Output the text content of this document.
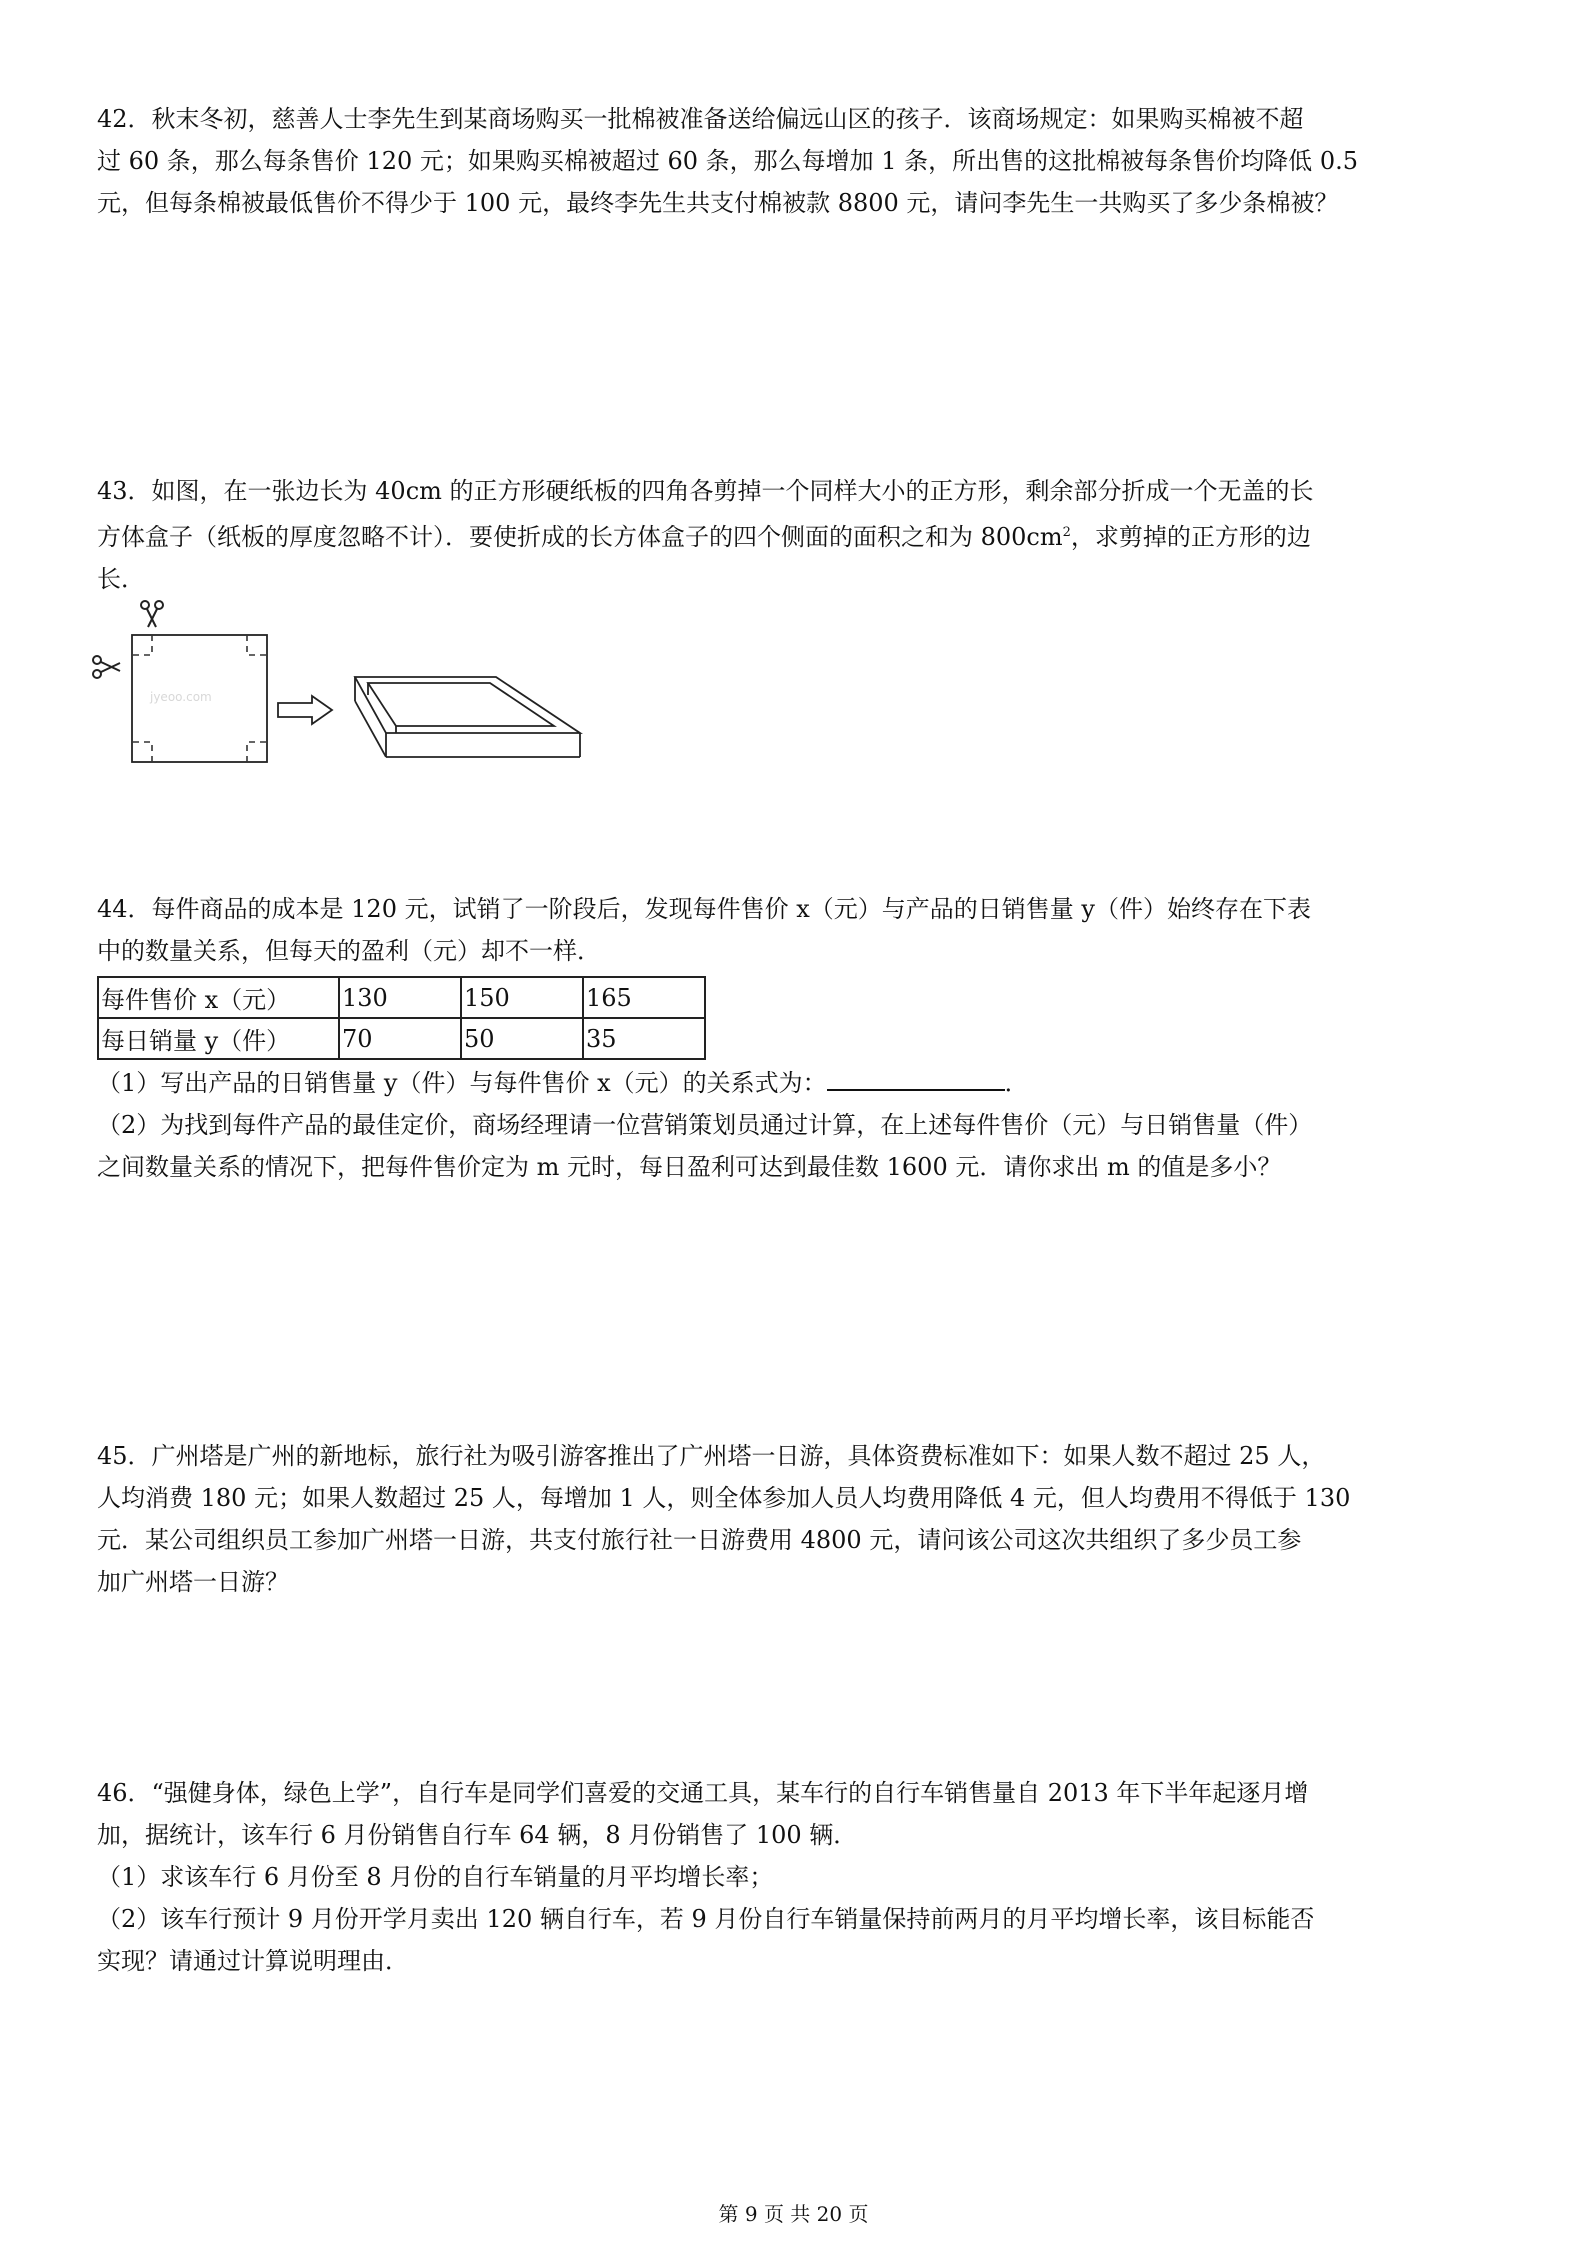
42．秋末冬初，慈善人士李先生到某商场购买一批棉被准备送给偏远山区的孩子．该商场规定：如果购买棉被不超

过 60 条，那么每条售价 120 元；如果购买棉被超过 60 条，那么每增加 1 条，所出售的这批棉被每条售价均降低 0.5

元，但每条棉被最低售价不得少于 100 元，最终李先生共支付棉被款 8800 元，请问李先生一共购买了多少条棉被？

43．如图，在一张边长为 40cm 的正方形硬纸板的四角各剪掉一个同样大小的正方形，剩余部分折成一个无盖的长

方体盒子（纸板的厚度忽略不计）．要使折成的长方体盒子的四个侧面的面积之和为 $800cm^2$，求剪掉的正方形的边

长．

jyeoo.com

44．每件商品的成本是 120 元，试销了一阶段后，发现每件售价 x（元）与产品的日销售量 y（件）始终存在下表

中的数量关系，但每天的盈利（元）却不一样．

每件售价 x（元）	130	150	165
每日销量 y（件）	70	50	35

（1）写出产品的日销售量 y（件）与每件售价 x（元）的关系式为：	．

（2）为找到每件产品的最佳定价，商场经理请一位营销策划员通过计算，在上述每件售价（元）与日销售量（件）

之间数量关系的情况下，把每件售价定为 m 元时，每日盈利可达到最佳数 1600 元．请你求出 m 的值是多小？

45．广州塔是广州的新地标，旅行社为吸引游客推出了广州塔一日游，具体资费标准如下：如果人数不超过 25 人，

人均消费 180 元；如果人数超过 25 人，每增加 1 人，则全体参加人员人均费用降低 4 元，但人均费用不得低于 130

元．某公司组织员工参加广州塔一日游，共支付旅行社一日游费用 4800 元，请问该公司这次共组织了多少员工参

加广州塔一日游？

46．“强健身体，绿色上学”，自行车是同学们喜爱的交通工具，某车行的自行车销售量自 2013 年下半年起逐月增

加，据统计，该车行 6 月份销售自行车 64 辆，8 月份销售了 100 辆．

（1）求该车行 6 月份至 8 月份的自行车销量的月平均增长率；

（2）该车行预计 9 月份开学月卖出 120 辆自行车，若 9 月份自行车销量保持前两月的月平均增长率，该目标能否

实现？请通过计算说明理由．

第 9 页 共 20 页
